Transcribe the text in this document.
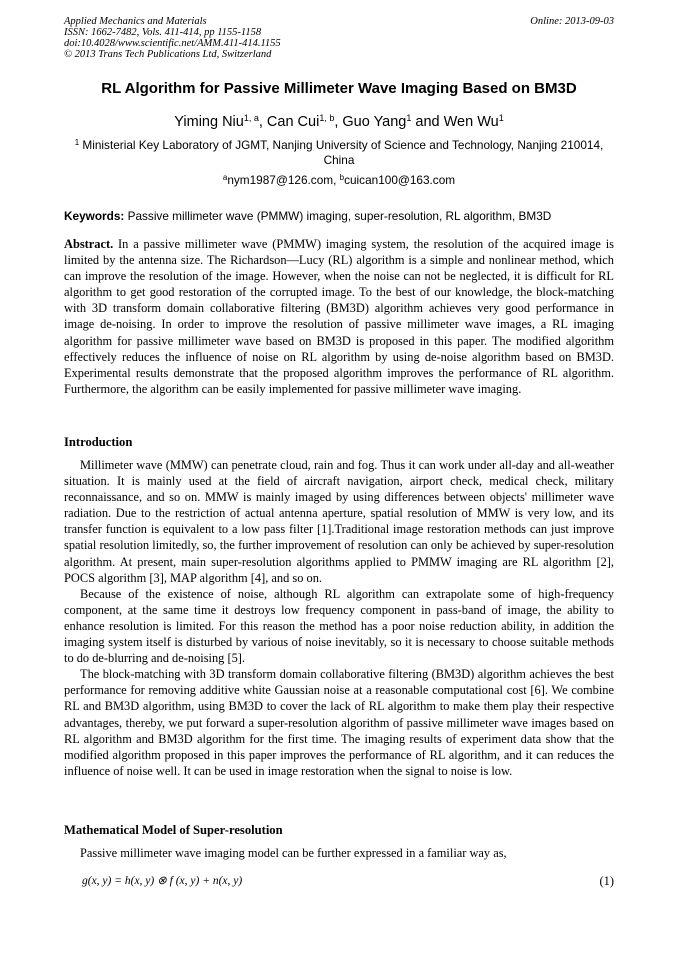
Applied Mechanics and Materials
ISSN: 1662-7482, Vols. 411-414, pp 1155-1158
doi:10.4028/www.scientific.net/AMM.411-414.1155
© 2013 Trans Tech Publications Ltd, Switzerland
Online: 2013-09-03
RL Algorithm for Passive Millimeter Wave Imaging Based on BM3D
Yiming Niu$^{1, a}$, Can Cui$^{1, b}$, Guo Yang$^1$ and Wen Wu$^1$
$^1$ Ministerial Key Laboratory of JGMT, Nanjing University of Science and Technology, Nanjing 210014, China
$^a$nym1987@126.com, $^b$cuican100@163.com
Keywords: Passive millimeter wave (PMMW) imaging, super-resolution, RL algorithm, BM3D
Abstract. In a passive millimeter wave (PMMW) imaging system, the resolution of the acquired image is limited by the antenna size. The Richardson—Lucy (RL) algorithm is a simple and nonlinear method, which can improve the resolution of the image. However, when the noise can not be neglected, it is difficult for RL algorithm to get good restoration of the corrupted image. To the best of our knowledge, the block-matching with 3D transform domain collaborative filtering (BM3D) algorithm achieves very good performance in image de-noising. In order to improve the resolution of passive millimeter wave images, a RL imaging algorithm for passive millimeter wave based on BM3D is proposed in this paper. The modified algorithm effectively reduces the influence of noise on RL algorithm by using de-noise algorithm based on BM3D. Experimental results demonstrate that the proposed algorithm improves the performance of RL algorithm. Furthermore, the algorithm can be easily implemented for passive millimeter wave imaging.
Introduction

Millimeter wave (MMW) can penetrate cloud, rain and fog. Thus it can work under all-day and all-weather situation. It is mainly used at the field of aircraft navigation, airport check, medical check, military reconnaissance, and so on. MMW is mainly imaged by using differences between objects' millimeter wave radiation. Due to the restriction of actual antenna aperture, spatial resolution of MMW is very low, and its transfer function is equivalent to a low pass filter [1].Traditional image restoration methods can just improve spatial resolution limitedly, so, the further improvement of resolution can only be achieved by super-resolution algorithm. At present, main super-resolution algorithms applied to PMMW imaging are RL algorithm [2], POCS algorithm [3], MAP algorithm [4], and so on.

Because of the existence of noise, although RL algorithm can extrapolate some of high-frequency component, at the same time it destroys low frequency component in pass-band of image, the ability to enhance resolution is limited. For this reason the method has a poor noise reduction ability, in addition the imaging system itself is disturbed by various of noise inevitably, so it is necessary to choose suitable methods to do de-blurring and de-noising [5].

The block-matching with 3D transform domain collaborative filtering (BM3D) algorithm achieves the best performance for removing additive white Gaussian noise at a reasonable computational cost [6]. We combine RL and BM3D algorithm, using BM3D to cover the lack of RL algorithm to make them play their respective advantages, thereby, we put forward a super-resolution algorithm of passive millimeter wave images based on RL algorithm and BM3D algorithm for the first time. The imaging results of experiment data show that the modified algorithm proposed in this paper improves the performance of RL algorithm, and it can reduces the influence of noise well. It can be used in image restoration when the signal to noise is low.

Mathematical Model of Super-resolution

Passive millimeter wave imaging model can be further expressed in a familiar way as,

g(x, y) = h(x, y) ⊗ f (x, y) + n(x, y)	(1)
